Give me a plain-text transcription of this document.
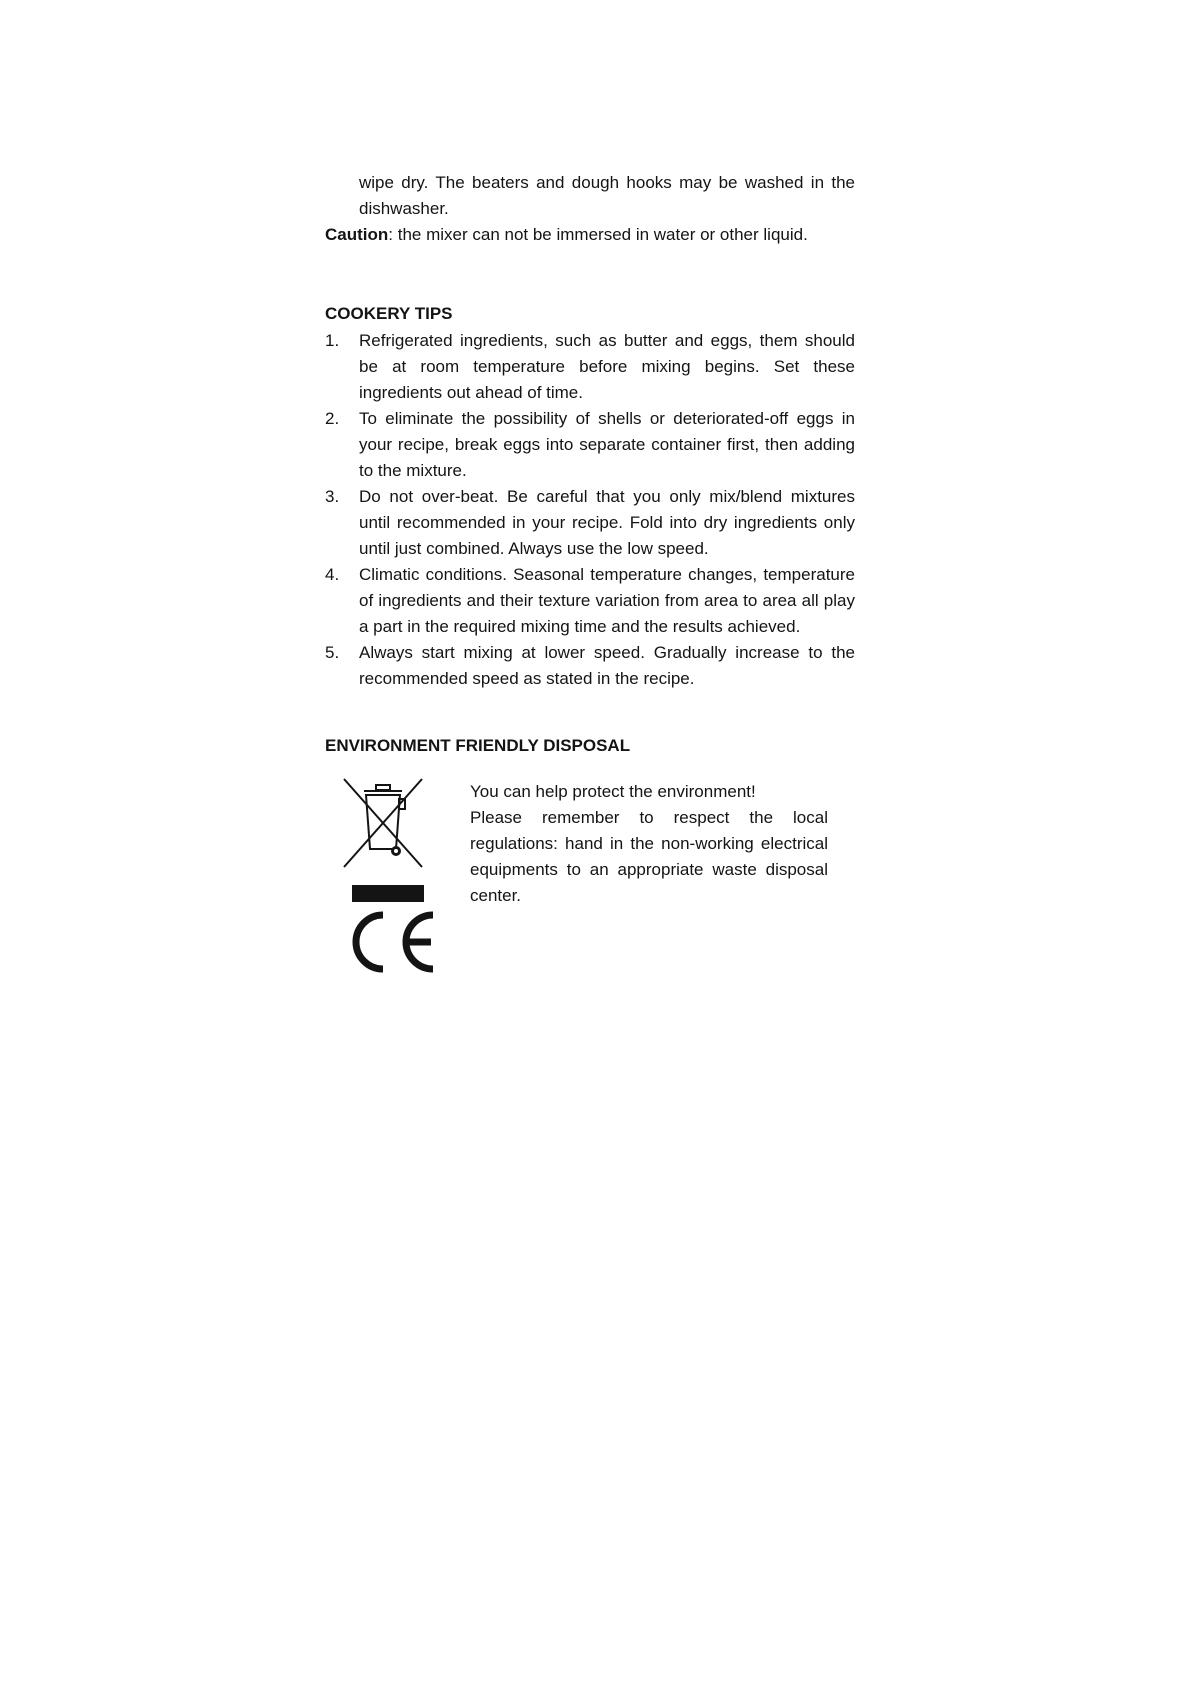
wipe dry. The beaters and dough hooks may be washed in the dishwasher.

Caution: the mixer can not be immersed in water or other liquid.

COOKERY TIPS
1.	Refrigerated ingredients, such as butter and eggs, them should be at room temperature before mixing begins. Set these ingredients out ahead of time.
2.	To eliminate the possibility of shells or deteriorated-off eggs in your recipe, break eggs into separate container first, then adding to the mixture.
3.	Do not over-beat. Be careful that you only mix/blend mixtures until recommended in your recipe. Fold into dry ingredients only until just combined. Always use the low speed.
4.	Climatic conditions. Seasonal temperature changes, temperature of ingredients and their texture variation from area to area all play a part in the required mixing time and the results achieved.
5.	Always start mixing at lower speed. Gradually increase to the recommended speed as stated in the recipe.
ENVIRONMENT FRIENDLY DISPOSAL

You can help protect the environment!
Please remember to respect the local regulations: hand in the non-working electrical equipments to an appropriate waste disposal center.
